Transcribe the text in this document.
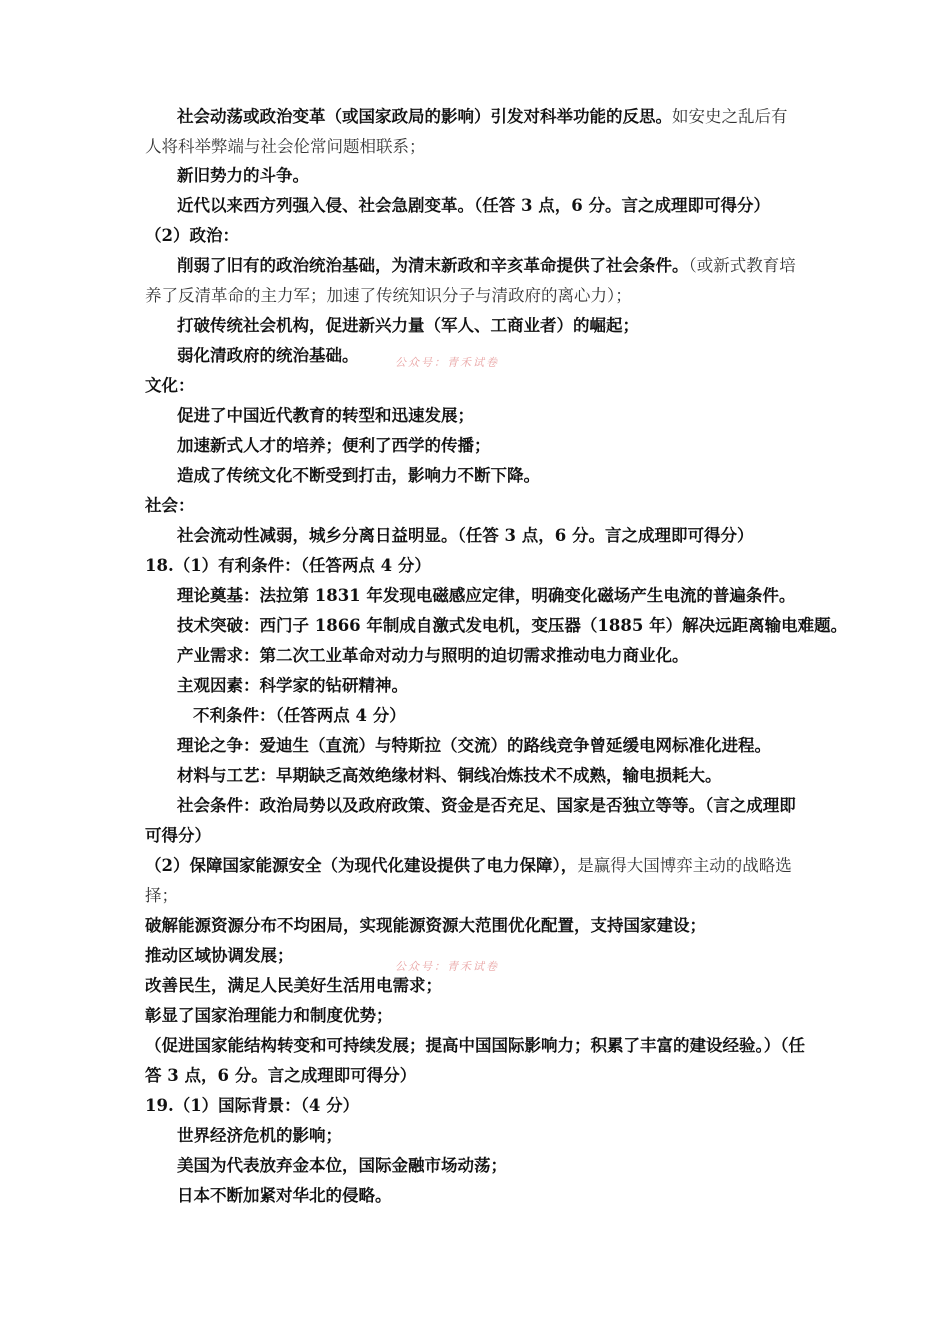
社会动荡或政治变革（或国家政局的影响）引发对科举功能的反思。如安史之乱后有
人将科举弊端与社会伦常问题相联系；
新旧势力的斗争。
近代以来西方列强入侵、社会急剧变革。（任答 3 点，6 分。言之成理即可得分）
（2）政治：
削弱了旧有的政治统治基础，为清末新政和辛亥革命提供了社会条件。（或新式教育培
养了反清革命的主力军；加速了传统知识分子与清政府的离心力）；
打破传统社会机构，促进新兴力量（军人、工商业者）的崛起；
弱化清政府的统治基础。
文化：
促进了中国近代教育的转型和迅速发展；
加速新式人才的培养；便利了西学的传播；
造成了传统文化不断受到打击，影响力不断下降。
社会：
社会流动性减弱，城乡分离日益明显。（任答 3 点，6 分。言之成理即可得分）
18.（1）有利条件：（任答两点 4 分）
理论奠基：法拉第 1831 年发现电磁感应定律，明确变化磁场产生电流的普遍条件。
技术突破：西门子 1866 年制成自激式发电机，变压器（1885 年）解决远距离输电难题。
产业需求：第二次工业革命对动力与照明的迫切需求推动电力商业化。
主观因素：科学家的钻研精神。
不利条件：（任答两点 4 分）
理论之争：爱迪生（直流）与特斯拉（交流）的路线竞争曾延缓电网标准化进程。
材料与工艺：早期缺乏高效绝缘材料、铜线冶炼技术不成熟，输电损耗大。
社会条件：政治局势以及政府政策、资金是否充足、国家是否独立等等。（言之成理即
可得分）
（2）保障国家能源安全（为现代化建设提供了电力保障），是赢得大国博弈主动的战略选
择；
破解能源资源分布不均困局，实现能源资源大范围优化配置，支持国家建设；
推动区域协调发展；
改善民生，满足人民美好生活用电需求；
彰显了国家治理能力和制度优势；
（促进国家能结构转变和可持续发展；提高中国国际影响力；积累了丰富的建设经验。）（任
答 3 点，6 分。言之成理即可得分）
19.（1）国际背景：（4 分）
世界经济危机的影响；
美国为代表放弃金本位，国际金融市场动荡；
日本不断加紧对华北的侵略。
公众号：青禾试卷
公众号：青禾试卷
